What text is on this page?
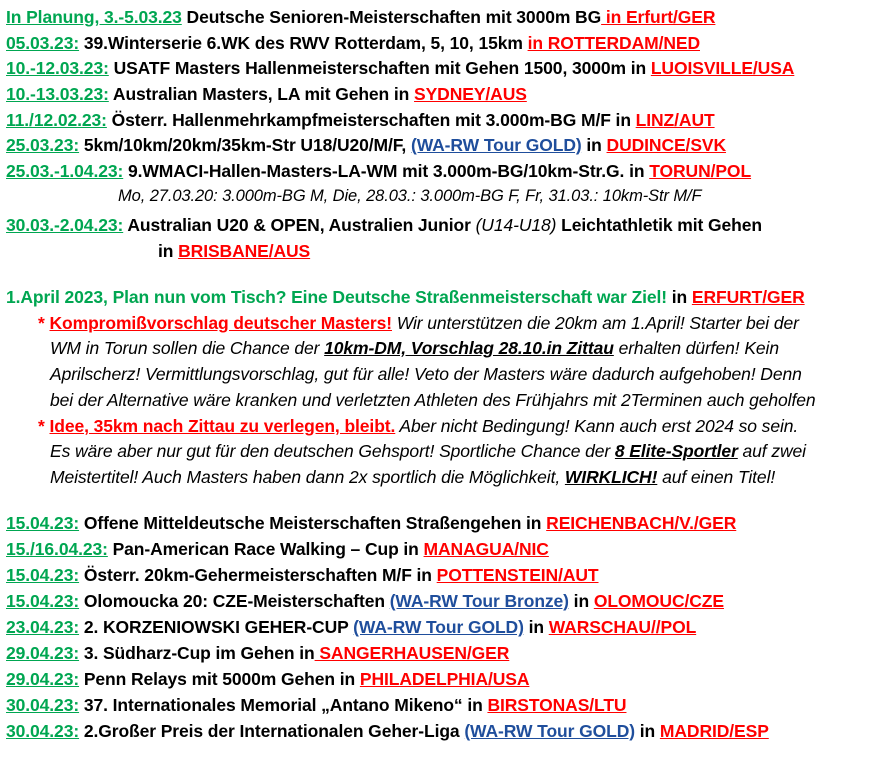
In Planung, 3.-5.03.23 Deutsche Senioren-Meisterschaften mit 3000m BG in Erfurt/GER
05.03.23: 39.Winterserie 6.WK des RWV Rotterdam, 5, 10, 15km in ROTTERDAM/NED
10.-12.03.23: USATF Masters Hallenmeisterschaften mit Gehen 1500, 3000m in LUOISVILLE/USA
10.-13.03.23: Australian Masters, LA mit Gehen in SYDNEY/AUS
11./12.02.23: Österr. Hallenmehrkampfmeisterschaften mit 3.000m-BG M/F in LINZ/AUT
25.03.23: 5km/10km/20km/35km-Str U18/U20/M/F, (WA-RW Tour GOLD) in DUDINCE/SVK
25.03.-1.04.23: 9.WMACI-Hallen-Masters-LA-WM mit 3.000m-BG/10km-Str.G. in TORUN/POL
Mo, 27.03.20: 3.000m-BG M, Die, 28.03.: 3.000m-BG F, Fr, 31.03.: 10km-Str M/F
30.03.-2.04.23: Australian U20 & OPEN, Australien Junior (U14-U18) Leichtathletik mit Gehen
in BRISBANE/AUS
1.April 2023, Plan nun vom Tisch? Eine Deutsche Straßenmeisterschaft war Ziel! in ERFURT/GER
* Kompromißvorschlag deutscher Masters! Wir unterstützen die 20km am 1.April! Starter bei der
WM in Torun sollen die Chance der 10km-DM, Vorschlag 28.10.in Zittau erhalten dürfen! Kein
Aprilscherz! Vermittlungsvorschlag, gut für alle! Veto der Masters wäre dadurch aufgehoben! Denn
bei der Alternative wäre kranken und verletzten Athleten des Frühjahrs mit 2Terminen auch geholfen
* Idee, 35km nach Zittau zu verlegen, bleibt. Aber nicht Bedingung! Kann auch erst 2024 so sein.
Es wäre aber nur gut für den deutschen Gehsport! Sportliche Chance der 8 Elite-Sportler auf zwei
Meistertitel! Auch Masters haben dann 2x sportlich die Möglichkeit, WIRKLICH! auf einen Titel!
15.04.23: Offene Mitteldeutsche Meisterschaften Straßengehen in REICHENBACH/V./GER
15./16.04.23: Pan-American Race Walking – Cup in MANAGUA/NIC
15.04.23: Österr. 20km-Gehermeisterschaften M/F in POTTENSTEIN/AUT
15.04.23: Olomoucka 20: CZE-Meisterschaften (WA-RW Tour Bronze) in OLOMOUC/CZE
23.04.23: 2. KORZENIOWSKI GEHER-CUP (WA-RW Tour GOLD) in WARSCHAU//POL
29.04.23: 3. Südharz-Cup im Gehen in SANGERHAUSEN/GER
29.04.23: Penn Relays mit 5000m Gehen in PHILADELPHIA/USA
30.04.23: 37. Internationales Memorial „Antano Mikeno“ in BIRSTONAS/LTU
30.04.23: 2.Großer Preis der Internationalen Geher-Liga (WA-RW Tour GOLD) in MADRID/ESP
